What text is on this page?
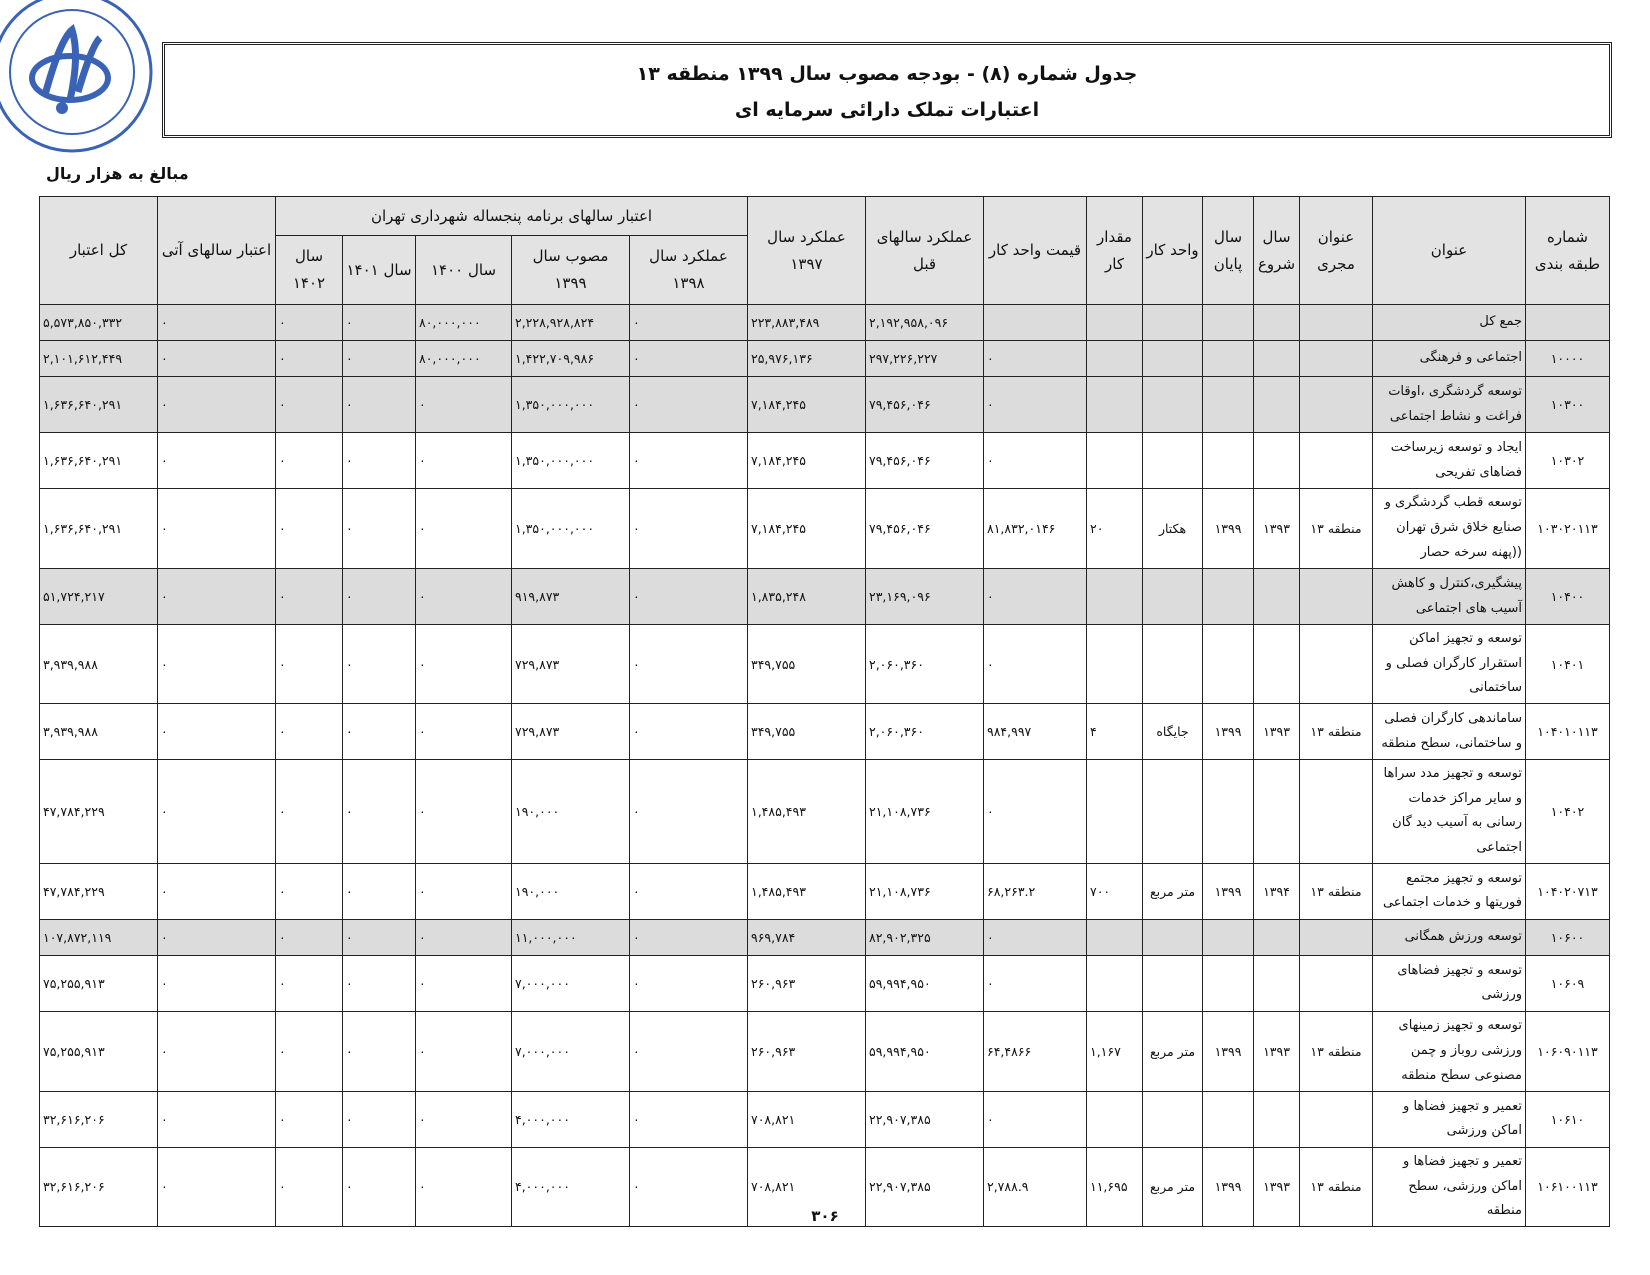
جدول شماره (۸) - بودجه مصوب سال ۱۳۹۹ منطقه ۱۳
اعتبارات تملک دارائی سرمایه ای
مبالغ به هزار ریال
شماره طبقه بندی	عنوان	عنوان مجری	سال شروع	سال پایان	واحد کار	مقدار کار	قیمت واحد کار	عملکرد سالهای قبل	عملکرد سال ۱۳۹۷	اعتبار سالهای برنامه پنجساله شهرداری تهران					اعتبار سالهای آتی	کل اعتبار
										عملکرد سال ۱۳۹۸	مصوب سال ۱۳۹۹	سال ۱۴۰۰	سال ۱۴۰۱	سال ۱۴۰۲		
	جمع کل							۲,۱۹۲,۹۵۸,۰۹۶	۲۲۳,۸۸۳,۴۸۹	۰	۲,۲۲۸,۹۲۸,۸۲۴	۸۰,۰۰۰,۰۰۰	۰	۰	۰	۵,۵۷۳,۸۵۰,۳۳۲
۱۰۰۰۰	اجتماعی و فرهنگی						۰	۲۹۷,۲۲۶,۲۲۷	۲۵,۹۷۶,۱۳۶	۰	۱,۴۲۲,۷۰۹,۹۸۶	۸۰,۰۰۰,۰۰۰	۰	۰	۰	۲,۱۰۱,۶۱۲,۴۴۹
۱۰۳۰۰	توسعه گردشگری ،اوقات فراغت و نشاط اجتماعی						۰	۷۹,۴۵۶,۰۴۶	۷,۱۸۴,۲۴۵	۰	۱,۳۵۰,۰۰۰,۰۰۰	۰	۰	۰	۰	۱,۶۳۶,۶۴۰,۲۹۱
۱۰۳۰۲	ایجاد و توسعه زیرساخت فضاهای تفریحی						۰	۷۹,۴۵۶,۰۴۶	۷,۱۸۴,۲۴۵	۰	۱,۳۵۰,۰۰۰,۰۰۰	۰	۰	۰	۰	۱,۶۳۶,۶۴۰,۲۹۱
۱۰۳۰۲۰۱۱۳	توسعه قطب گردشگری و صنایع خلاق شرق تهران ((پهنه سرخه حصار	منطقه ۱۳	۱۳۹۳	۱۳۹۹	هکتار	۲۰	۸۱,۸۳۲,۰۱۴۶	۷۹,۴۵۶,۰۴۶	۷,۱۸۴,۲۴۵	۰	۱,۳۵۰,۰۰۰,۰۰۰	۰	۰	۰	۰	۱,۶۳۶,۶۴۰,۲۹۱
۱۰۴۰۰	پیشگیری،کنترل و کاهش آسیب های اجتماعی						۰	۲۳,۱۶۹,۰۹۶	۱,۸۳۵,۲۴۸	۰	۹۱۹,۸۷۳	۰	۰	۰	۰	۵۱,۷۲۴,۲۱۷
۱۰۴۰۱	توسعه و تجهیز اماکن استقرار کارگران فصلی و ساختمانی						۰	۲,۰۶۰,۳۶۰	۳۴۹,۷۵۵	۰	۷۲۹,۸۷۳	۰	۰	۰	۰	۳,۹۳۹,۹۸۸
۱۰۴۰۱۰۱۱۳	ساماندهی کارگران فصلی و ساختمانی، سطح منطقه	منطقه ۱۳	۱۳۹۳	۱۳۹۹	جایگاه	۴	۹۸۴,۹۹۷	۲,۰۶۰,۳۶۰	۳۴۹,۷۵۵	۰	۷۲۹,۸۷۳	۰	۰	۰	۰	۳,۹۳۹,۹۸۸
۱۰۴۰۲	توسعه و تجهیز مدد سراها و سایر مراکز خدمات رسانی به آسیب دید گان اجتماعی						۰	۲۱,۱۰۸,۷۳۶	۱,۴۸۵,۴۹۳	۰	۱۹۰,۰۰۰	۰	۰	۰	۰	۴۷,۷۸۴,۲۲۹
۱۰۴۰۲۰۷۱۳	توسعه و تجهیز مجتمع فوریتها و خدمات اجتماعی	منطقه ۱۳	۱۳۹۴	۱۳۹۹	متر مربع	۷۰۰	۶۸,۲۶۳.۲	۲۱,۱۰۸,۷۳۶	۱,۴۸۵,۴۹۳	۰	۱۹۰,۰۰۰	۰	۰	۰	۰	۴۷,۷۸۴,۲۲۹
۱۰۶۰۰	توسعه ورزش همگانی						۰	۸۲,۹۰۲,۳۲۵	۹۶۹,۷۸۴	۰	۱۱,۰۰۰,۰۰۰	۰	۰	۰	۰	۱۰۷,۸۷۲,۱۱۹
۱۰۶۰۹	توسعه و تجهیز فضاهای ورزشی						۰	۵۹,۹۹۴,۹۵۰	۲۶۰,۹۶۳	۰	۷,۰۰۰,۰۰۰	۰	۰	۰	۰	۷۵,۲۵۵,۹۱۳
۱۰۶۰۹۰۱۱۳	توسعه و تجهیز زمینهای ورزشی روباز و چمن مصنوعی سطح منطقه	منطقه ۱۳	۱۳۹۳	۱۳۹۹	متر مربع	۱,۱۶۷	۶۴,۴۸۶۶	۵۹,۹۹۴,۹۵۰	۲۶۰,۹۶۳	۰	۷,۰۰۰,۰۰۰	۰	۰	۰	۰	۷۵,۲۵۵,۹۱۳
۱۰۶۱۰	تعمیر و تجهیز فضاها و اماکن ورزشی						۰	۲۲,۹۰۷,۳۸۵	۷۰۸,۸۲۱	۰	۴,۰۰۰,۰۰۰	۰	۰	۰	۰	۳۲,۶۱۶,۲۰۶
۱۰۶۱۰۰۱۱۳	تعمیر و تجهیز فضاها و اماکن ورزشی، سطح منطقه	منطقه ۱۳	۱۳۹۳	۱۳۹۹	متر مربع	۱۱,۶۹۵	۲,۷۸۸.۹	۲۲,۹۰۷,۳۸۵	۷۰۸,۸۲۱	۰	۴,۰۰۰,۰۰۰	۰	۰	۰	۰	۳۲,۶۱۶,۲۰۶
۳۰۶
